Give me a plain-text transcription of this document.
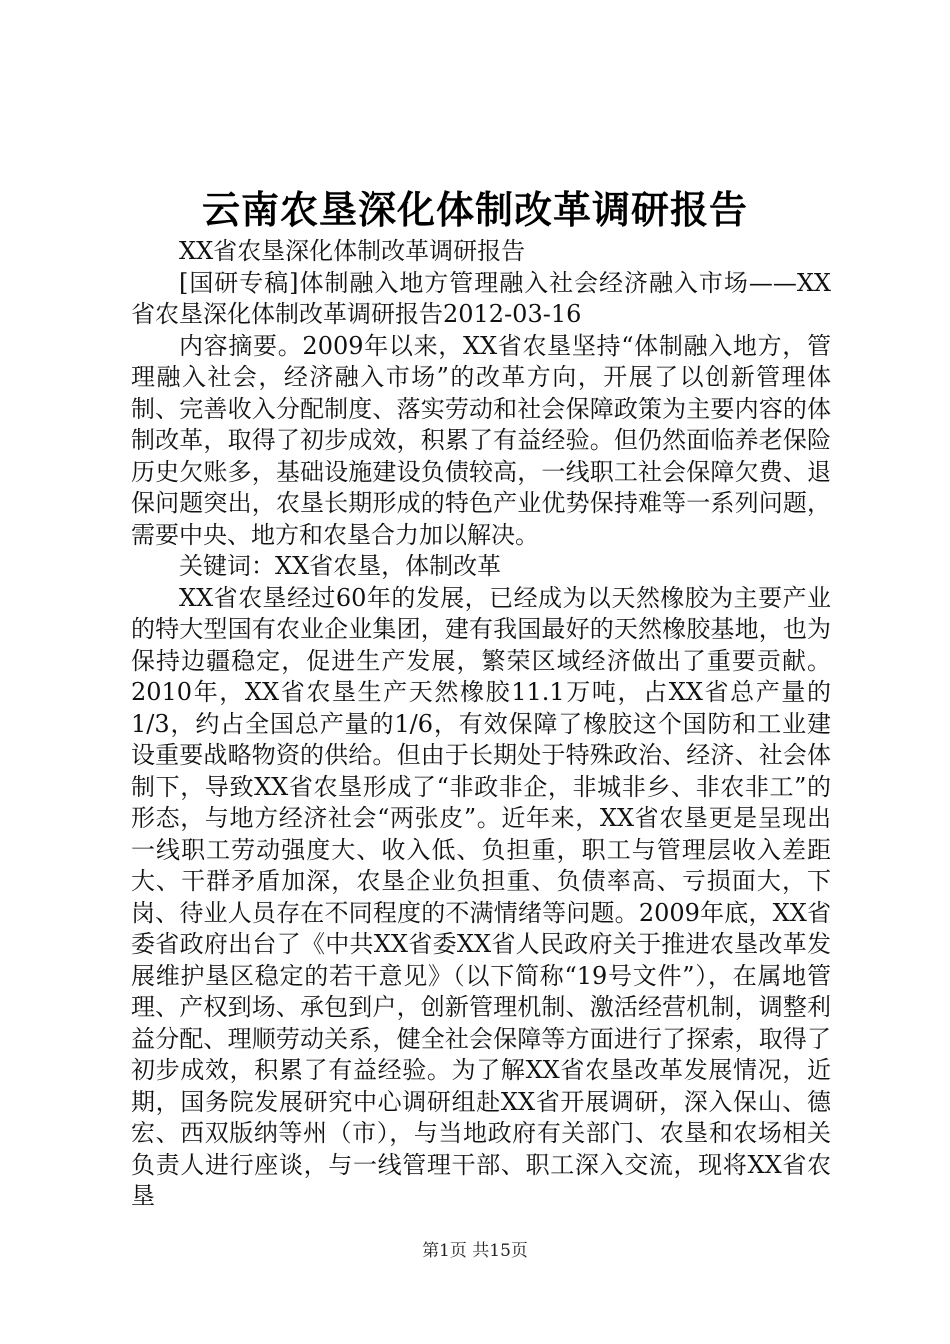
云南农垦深化体制改革调研报告

XX省农垦深化体制改革调研报告

[国研专稿]体制融入地方管理融入社会经济融入市场——XX省农垦深化体制改革调研报告2012-03-16

内容摘要。2009年以来，XX省农垦坚持“体制融入地方，管理融入社会，经济融入市场”的改革方向，开展了以创新管理体制、完善收入分配制度、落实劳动和社会保障政策为主要内容的体制改革，取得了初步成效，积累了有益经验。但仍然面临养老保险历史欠账多，基础设施建设负债较高，一线职工社会保障欠费、退保问题突出，农垦长期形成的特色产业优势保持难等一系列问题，需要中央、地方和农垦合力加以解决。

关键词：XX省农垦，体制改革

XX省农垦经过60年的发展，已经成为以天然橡胶为主要产业的特大型国有农业企业集团，建有我国最好的天然橡胶基地，也为保持边疆稳定，促进生产发展，繁荣区域经济做出了重要贡献。2010年，XX省农垦生产天然橡胶11.1万吨，占XX省总产量的1/3，约占全国总产量的1/6，有效保障了橡胶这个国防和工业建设重要战略物资的供给。但由于长期处于特殊政治、经济、社会体制下，导致XX省农垦形成了“非政非企，非城非乡、非农非工”的形态，与地方经济社会“两张皮”。近年来，XX省农垦更是呈现出一线职工劳动强度大、收入低、负担重，职工与管理层收入差距大、干群矛盾加深，农垦企业负担重、负债率高、亏损面大，下岗、待业人员存在不同程度的不满情绪等问题。2009年底，XX省委省政府出台了《中共XX省委XX省人民政府关于推进农垦改革发展维护垦区稳定的若干意见》（以下简称“19号文件”），在属地管理、产权到场、承包到户，创新管理机制、激活经营机制，调整利益分配、理顺劳动关系，健全社会保障等方面进行了探索，取得了初步成效，积累了有益经验。为了解XX省农垦改革发展情况，近期，国务院发展研究中心调研组赴XX省开展调研，深入保山、德宏、西双版纳等州（市），与当地政府有关部门、农垦和农场相关负责人进行座谈，与一线管理干部、职工深入交流，现将XX省农垦

第1页 共15页
